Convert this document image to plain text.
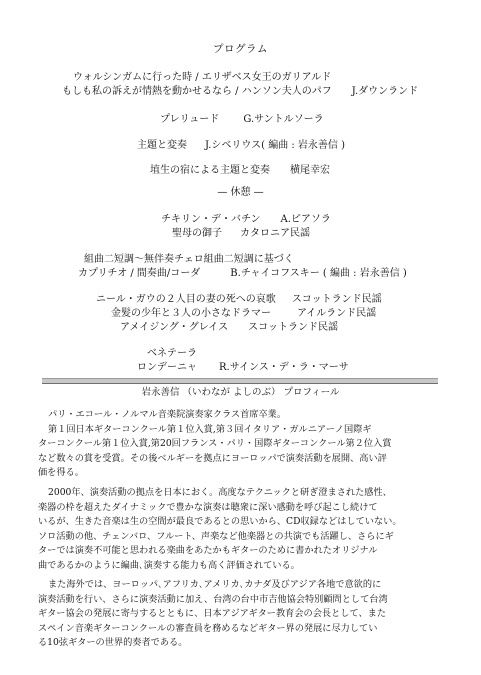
プログラム
ウォルシンガムに行った時 / エリザベス女王のガリアルド
もしも私の訴えが情熱を動かせるなら / ハンソン夫人のパフ J.ダウンランド
プレリュード G.サントルソーラ
主題と変奏 J.シベリウス( 編曲 : 岩永善信 )
埴生の宿による主題と変奏 横尾幸宏
— 休憩 —
チキリン・デ・バチン A.ピアソラ
聖母の御子 カタロニア民謡
組曲二短調～無伴奏チェロ組曲二短調に基づく
カプリチオ / 間奏曲/コーダ	B.チャイコフスキー ( 編曲 : 岩永善信 )
ニール・ガウの２人目の妻の死への哀歌 スコットランド民謡
金髪の少年と３人の小さなドラマー	アイルランド民謡
アメイジング・グレイス スコットランド民謡
ベネテーラ
ロンデーニャ R.サインス・デ・ラ・マーサ
岩永善信 （いわなが よしのぶ） プロフィール
パリ・エコール・ノルマル音楽院演奏家クラス首席卒業。
第１回日本ギターコンクール第１位入賞,第３回イタリア・ガルニアーノ国際ギ
ターコンクール第１位入賞,第20回フランス・パリ・国際ギターコンクール第２位入賞
など数々の賞を受賞。その後ベルギーを拠点にヨーロッパで演奏活動を展開、高い評
価を得る。
2000年、演奏活動の拠点を日本におく。高度なテクニックと研ぎ澄まされた感性、
楽器の枠を超えたダイナミックで豊かな演奏は聴衆に深い感動を呼び起こし続けて
いるが、生きた音楽は生の空間が最良であるとの思いから、CD収録などはしていない。
ソロ活動の他、チェンバロ、フルート、声楽など他楽器との共演でも活躍し、さらにギ
ターでは演奏不可能と思われる楽曲をあたかもギターのために書かれたオリジナル
曲であるかのように編曲､演奏する能力も高く評価されている。
また海外では、ヨーロッパ､アフリカ､アメリカ､カナダ及びアジア各地で意欲的に
演奏活動を行い、さらに演奏活動に加え、台湾の台中市吉他協会特別顧問として台湾
ギター協会の発展に寄与するとともに、日本アジアギター教育会の会長として、また
スペイン音楽ギターコンクールの審査員を務めるなどギター界の発展に尽力してい
る10弦ギターの世界的奏者である。
